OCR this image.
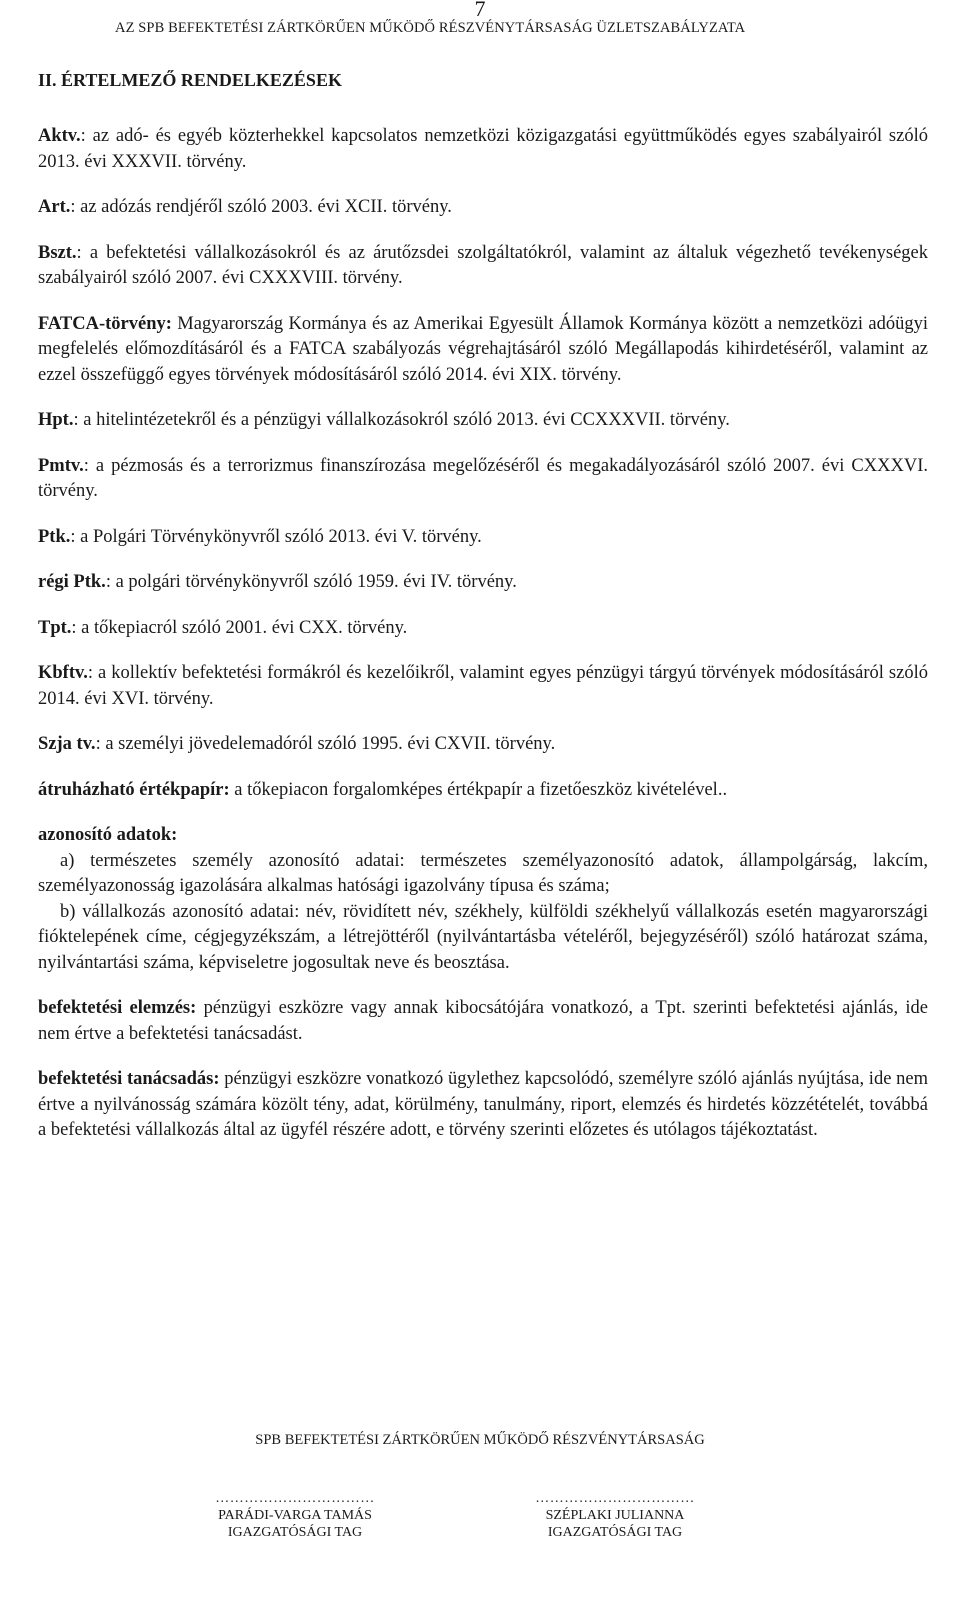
7
AZ SPB BEFEKTETÉSI ZÁRTKÖRŰEN MŰKÖDŐ RÉSZVÉNYTÁRSASÁG ÜZLETSZABÁLYZATA
II. ÉRTELMEZŐ RENDELKEZÉSEK

Aktv.: az adó- és egyéb közterhekkel kapcsolatos nemzetközi közigazgatási együttműködés egyes szabályairól szóló 2013. évi XXXVII. törvény.

Art.: az adózás rendjéről szóló 2003. évi XCII. törvény.

Bszt.: a befektetési vállalkozásokról és az árutőzsdei szolgáltatókról, valamint az általuk végezhető tevékenységek szabályairól szóló 2007. évi CXXXVIII. törvény.

FATCA-törvény: Magyarország Kormánya és az Amerikai Egyesült Államok Kormánya között a nemzetközi adóügyi megfelelés előmozdításáról és a FATCA szabályozás végrehajtásáról szóló Megállapodás kihirdetéséről, valamint az ezzel összefüggő egyes törvények módosításáról szóló 2014. évi XIX. törvény.

Hpt.: a hitelintézetekről és a pénzügyi vállalkozásokról szóló 2013. évi CCXXXVII. törvény.

Pmtv.: a pézmosás és a terrorizmus finanszírozása megelőzéséről és megakadályozásáról szóló 2007. évi CXXXVI. törvény.

Ptk.: a Polgári Törvénykönyvről szóló 2013. évi V. törvény.

régi Ptk.: a polgári törvénykönyvről szóló 1959. évi IV. törvény.

Tpt.: a tőkepiacról szóló 2001. évi CXX. törvény.

Kbftv.: a kollektív befektetési formákról és kezelőikről, valamint egyes pénzügyi tárgyú törvények módosításáról szóló 2014. évi XVI. törvény.

Szja tv.: a személyi jövedelemadóról szóló 1995. évi CXVII. törvény.

átruházható értékpapír: a tőkepiacon forgalomképes értékpapír a fizetőeszköz kivételével..

azonosító adatok:

a) természetes személy azonosító adatai: természetes személyazonosító adatok, állampolgárság, lakcím, személyazonosság igazolására alkalmas hatósági igazolvány típusa és száma;

b) vállalkozás azonosító adatai: név, rövidített név, székhely, külföldi székhelyű vállalkozás esetén magyarországi fióktelepének címe, cégjegyzékszám, a létrejöttéről (nyilvántartásba vételéről, bejegyzéséről) szóló határozat száma, nyilvántartási száma, képviseletre jogosultak neve és beosztása.

befektetési elemzés: pénzügyi eszközre vagy annak kibocsátójára vonatkozó, a Tpt. szerinti befektetési ajánlás, ide nem értve a befektetési tanácsadást.

befektetési tanácsadás: pénzügyi eszközre vonatkozó ügylethez kapcsolódó, személyre szóló ajánlás nyújtása, ide nem értve a nyilvánosság számára közölt tény, adat, körülmény, tanulmány, riport, elemzés és hirdetés közzétételét, továbbá a befektetési vállalkozás által az ügyfél részére adott, e törvény szerinti előzetes és utólagos tájékoztatást.

SPB BEFEKTETÉSI ZÁRTKÖRŰEN MŰKÖDŐ RÉSZVÉNYTÁRSASÁG
……………………………
PARÁDI-VARGA TAMÁS
IGAZGATÓSÁGI TAG
……………………………
SZÉPLAKI JULIANNA
IGAZGATÓSÁGI TAG
